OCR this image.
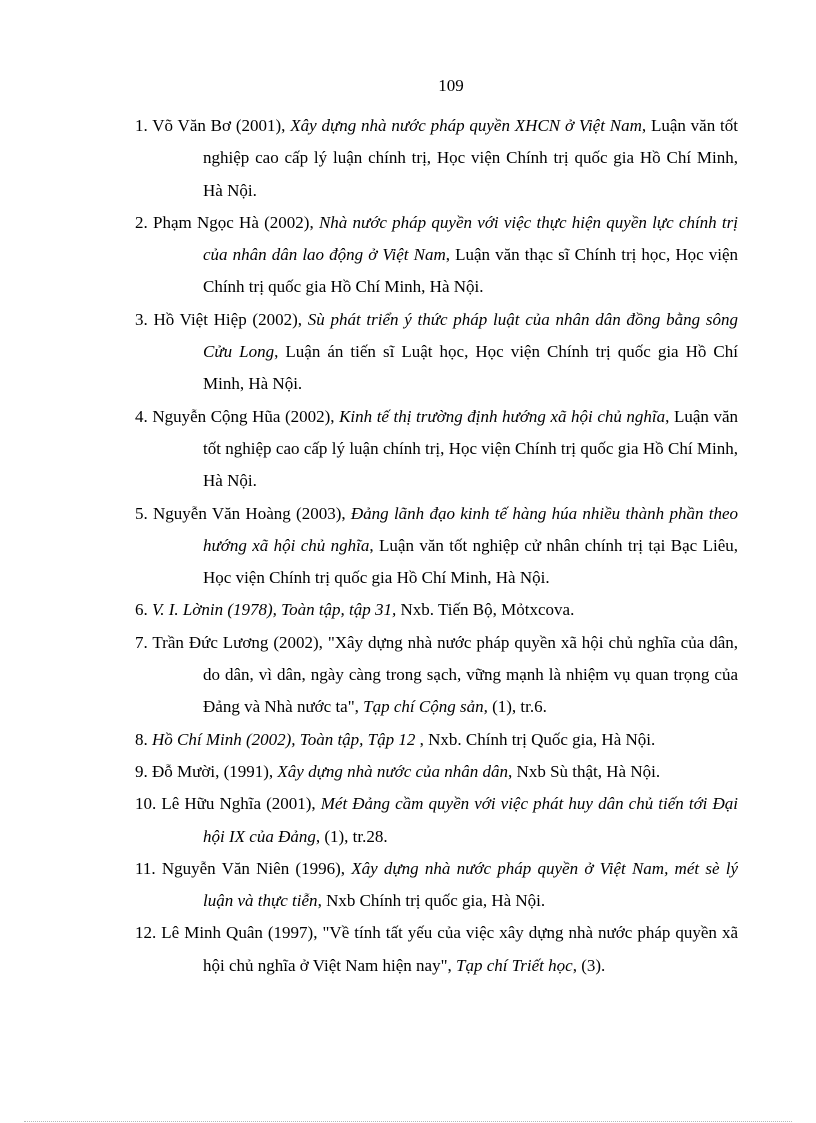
109
1. Võ Văn Bơ (2001), Xây dựng nhà nước pháp quyền XHCN ở Việt Nam, Luận văn tốt nghiệp cao cấp lý luận chính trị, Học viện Chính trị quốc gia Hồ Chí Minh, Hà Nội.
2. Phạm Ngọc Hà (2002), Nhà nước pháp quyền với việc thực hiện quyền lực chính trị của nhân dân lao động ở Việt Nam, Luận văn thạc sĩ Chính trị học, Học viện Chính trị quốc gia Hồ Chí Minh, Hà Nội.
3. Hồ Việt Hiệp (2002), Sù phát triển ý thức pháp luật của nhân dân đồng bằng sông Cửu Long, Luận án tiến sĩ Luật học, Học viện Chính trị quốc gia Hồ Chí Minh, Hà Nội.
4. Nguyễn Cộng Hũa (2002), Kinh tế thị trường định hướng xã hội chủ nghĩa, Luận văn tốt nghiệp cao cấp lý luận chính trị, Học viện Chính trị quốc gia Hồ Chí Minh, Hà Nội.
5. Nguyễn Văn Hoàng (2003), Đảng lãnh đạo kinh tế hàng húa nhiều thành phần theo hướng xã hội chủ nghĩa, Luận văn tốt nghiệp cử nhân chính trị tại Bạc Liêu, Học viện Chính trị quốc gia Hồ Chí Minh, Hà Nội.
6. V. I. Lờnin (1978), Toàn tập, tập 31, Nxb. Tiến Bộ, Mỏtxcova.
7. Trần Đức Lương (2002), "Xây dựng nhà nước pháp quyền xã hội chủ nghĩa của dân, do dân, vì dân, ngày càng trong sạch, vững mạnh là nhiệm vụ quan trọng của Đảng và Nhà nước ta", Tạp chí Cộng sản, (1), tr.6.
8. Hồ Chí Minh (2002), Toàn tập, Tập 12 , Nxb. Chính trị Quốc gia, Hà Nội.
9. Đỗ Mười, (1991), Xây dựng nhà nước của nhân dân, Nxb Sù thật, Hà Nội.
10. Lê Hữu Nghĩa (2001), Mét Đảng cầm quyền với việc phát huy dân chủ tiến tới Đại hội IX của Đảng, (1), tr.28.
11. Nguyễn Văn Niên (1996), Xây dựng nhà nước pháp quyền ở Việt Nam, mét sè lý luận và thực tiễn, Nxb Chính trị quốc gia, Hà Nội.
12. Lê Minh Quân (1997), "Về tính tất yếu của việc xây dựng nhà nước pháp quyền xã hội chủ nghĩa ở Việt Nam hiện nay", Tạp chí Triết học, (3).
